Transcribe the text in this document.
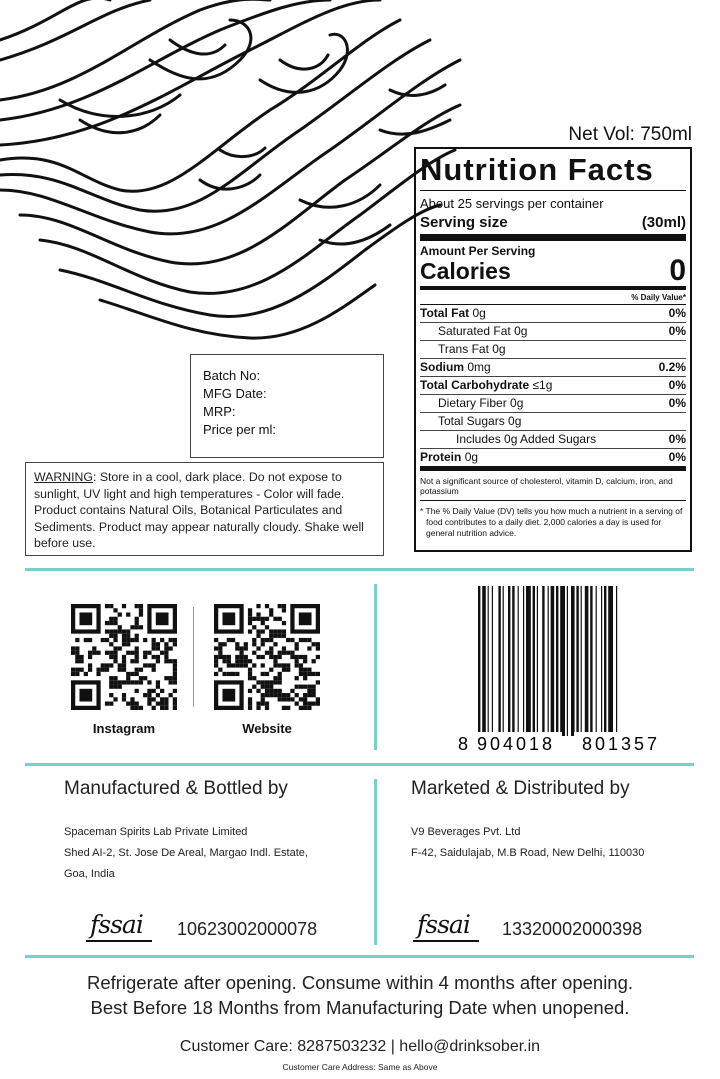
Net Vol: 750ml
Nutrition Facts
About 25 servings per container
Serving size	(30ml)
Amount Per Serving
Calories	0
% Daily Value*
Total Fat 0g	0%
Saturated Fat 0g	0%
Trans Fat 0g
Sodium 0mg	0.2%
Total Carbohydrate ≤1g	0%
Dietary Fiber 0g	0%
Total Sugars 0g
Includes 0g Added Sugars	0%
Protein 0g	0%
Not a significant source of cholesterol, vitamin D, calcium, iron, and potassium
* The % Daily Value (DV) tells you how much a nutrient in a serving of food contributes to a daily diet. 2,000 calories a day is used for general nutrition advice.
Batch No:
MFG Date:
MRP:
Price per ml:
WARNING: Store in a cool, dark place. Do not expose to sunlight, UV light and high temperatures - Color will fade. Product contains Natural Oils, Botanical Particulates and Sediments. Product may appear naturally cloudy. Shake well before use.
Instagram	Website
8 904018 801357
Manufactured & Bottled by
Spaceman Spirits Lab Private Limited
Shed AI-2, St. Jose De Areal, Margao Indl. Estate,
Goa, India
fssai 10623002000078
Marketed & Distributed by
V9 Beverages Pvt. Ltd
F-42, Saidulajab, M.B Road, New Delhi, 110030
fssai 13320002000398
Refrigerate after opening. Consume within 4 months after opening.
Best Before 18 Months from Manufacturing Date when unopened.
Customer Care: 8287503232 | hello@drinksober.in
Customer Care Address: Same as Above
